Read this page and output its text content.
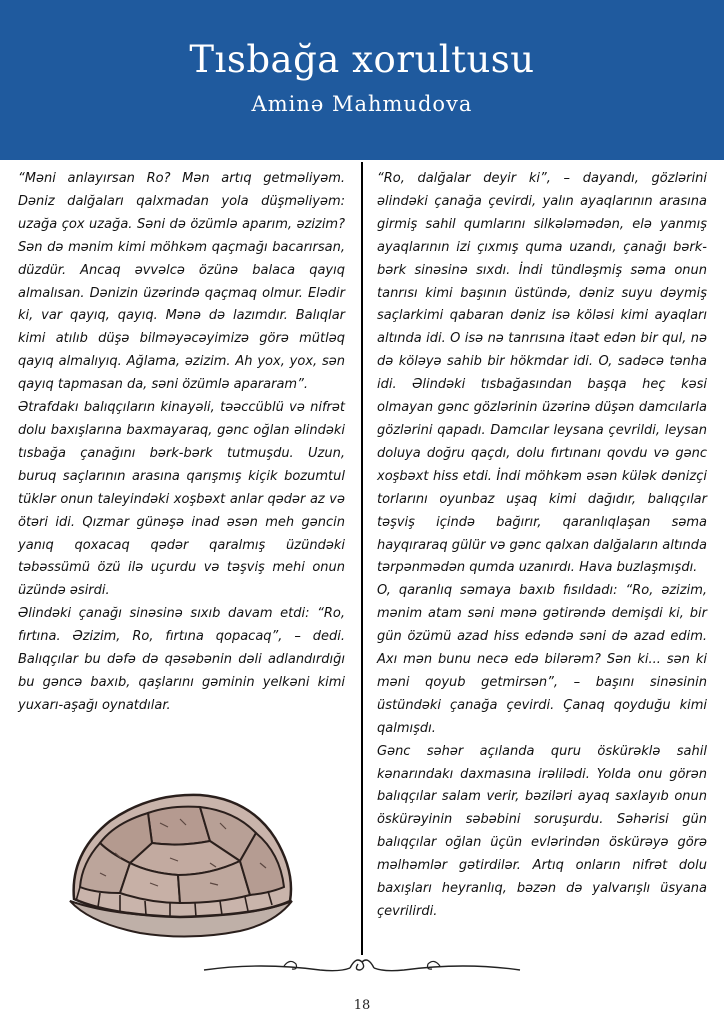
Tısbağa xorultusu
Aminə Mahmudova

“Məni anlayırsan Ro? Mən artıq getməliyəm. Dəniz dalğaları qalxmadan yola düşməliyəm: uzağa çox uzağa. Səni də özümlə aparım, əzizim? Sən də mənim kimi möhkəm qaçmağı bacarırsan, düzdür. Ancaq əvvəlcə özünə balaca qayıq almalısan. Dənizin üzərində qaçmaq olmur. Elədir ki, var qayıq, qayıq. Mənə də lazımdır. Balıqlar kimi atılıb düşə bilməyəcəyimizə görə mütləq qayıq almalıyıq. Ağlama, əzizim. Ah yox, yox, sən qayıq tapmasan da, səni özümlə apararam”.

Ətrafdakı balıqçıların kinayəli, təəccüblü və nifrət dolu baxışlarına baxmayaraq, gənc oğlan əlindəki tısbağa çanağını bərk-bərk tutmuşdu. Uzun, buruq saçlarının arasına qarışmış kiçik bozumtul tüklər onun taleyindəki xoşbəxt anlar qədər az və ötəri idi. Qızmar günəşə inad əsən meh gəncin yanıq qoxacaq qədər qaralmış üzündəki təbəssümü özü ilə uçurdu və təşviş mehi onun üzündə əsirdi.

Əlindəki çanağı sinəsinə sıxıb davam etdi: “Ro, fırtına. Əzizim, Ro, fırtına qopacaq”, – dedi. Balıqçılar bu dəfə də qəsəbənin dəli adlandırdığı bu gəncə baxıb, qaşlarını gəminin yelkəni kimi yuxarı-aşağı oynatdılar.

“Ro, dalğalar deyir ki”, – dayandı, gözlərini əlindəki çanağa çevirdi, yalın ayaqlarının arasına girmiş sahil qumlarını silkələmədən, elə yanmış ayaqlarının izi çıxmış quma uzandı, çanağı bərk-bərk sinəsinə sıxdı. İndi tündləşmiş səma onun tanrısı kimi başının üstündə, dəniz suyu dəymiş saçlarkimi qabaran dəniz isə köləsi kimi ayaqları altında idi. O isə nə tanrısına itaət edən bir qul, nə də köləyə sahib bir hökmdar idi. O, sadəcə tənha idi. Əlindəki tısbağasından başqa heç kəsi olmayan gənc gözlərinin üzərinə düşən damcılarla gözlərini qapadı. Damcılar leysana çevrildi, leysan doluya doğru qaçdı, dolu fırtınanı qovdu və gənc xoşbəxt hiss etdi. İndi möhkəm əsən külək dənizçi torlarını oyunbaz uşaq kimi dağıdır, balıqçılar təşviş içində bağırır, qaranlıqlaşan səma hayqıraraq gülür və gənc qalxan dalğaların altında tərpənmədən qumda uzanırdı. Hava buzlaşmışdı.

O, qaranlıq səmaya baxıb fısıldadı: “Ro, əzizim, mənim atam səni mənə gətirəndə demişdi ki, bir gün özümü azad hiss edəndə səni də azad edim. Axı mən bunu necə edə bilərəm? Sən ki... sən ki məni qoyub getmirsən”, – başını sinəsinin üstündəki çanağa çevirdi. Çanaq qoyduğu kimi qalmışdı.

Gənc səhər açılanda quru öskürəklə sahil kənarındakı daxmasına irəlilədi. Yolda onu görən balıqçılar salam verir, bəziləri ayaq saxlayıb onun öskürəyinin səbəbini soruşurdu. Səhərisi gün balıqçılar oğlan üçün evlərindən öskürəyə görə məlhəmlər gətirdilər. Artıq onların nifrət dolu baxışları heyranlıq, bəzən də yalvarışlı üsyana çevrilirdi.

18
